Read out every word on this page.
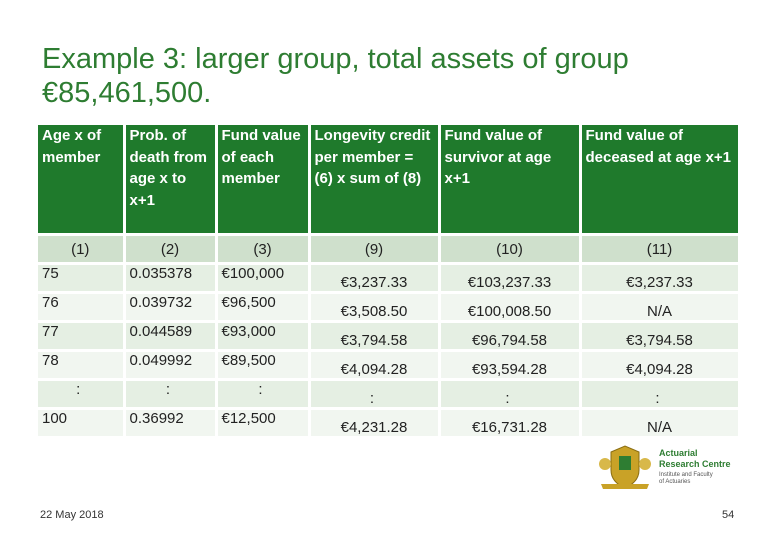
Example 3: larger group, total assets of group €85,461,500.
Age x of member	Prob. of death from age x to x+1	Fund value of each member	Longevity credit per member = (6) x sum of (8)	Fund value of survivor at age x+1	Fund value of deceased at age x+1
(1)	(2)	(3)	(9)	(10)	(11)
75	0.035378	€100,000	€3,237.33	€103,237.33	€3,237.33
76	0.039732	€96,500	€3,508.50	€100,008.50	N/A
77	0.044589	€93,000	€3,794.58	€96,794.58	€3,794.58
78	0.049992	€89,500	€4,094.28	€93,594.28	€4,094.28
:	:	:	:	:	:
100	0.36992	€12,500	€4,231.28	€16,731.28	N/A
Actuarial
Research Centre
Institute and Faculty
of Actuaries
22 May 2018	54
